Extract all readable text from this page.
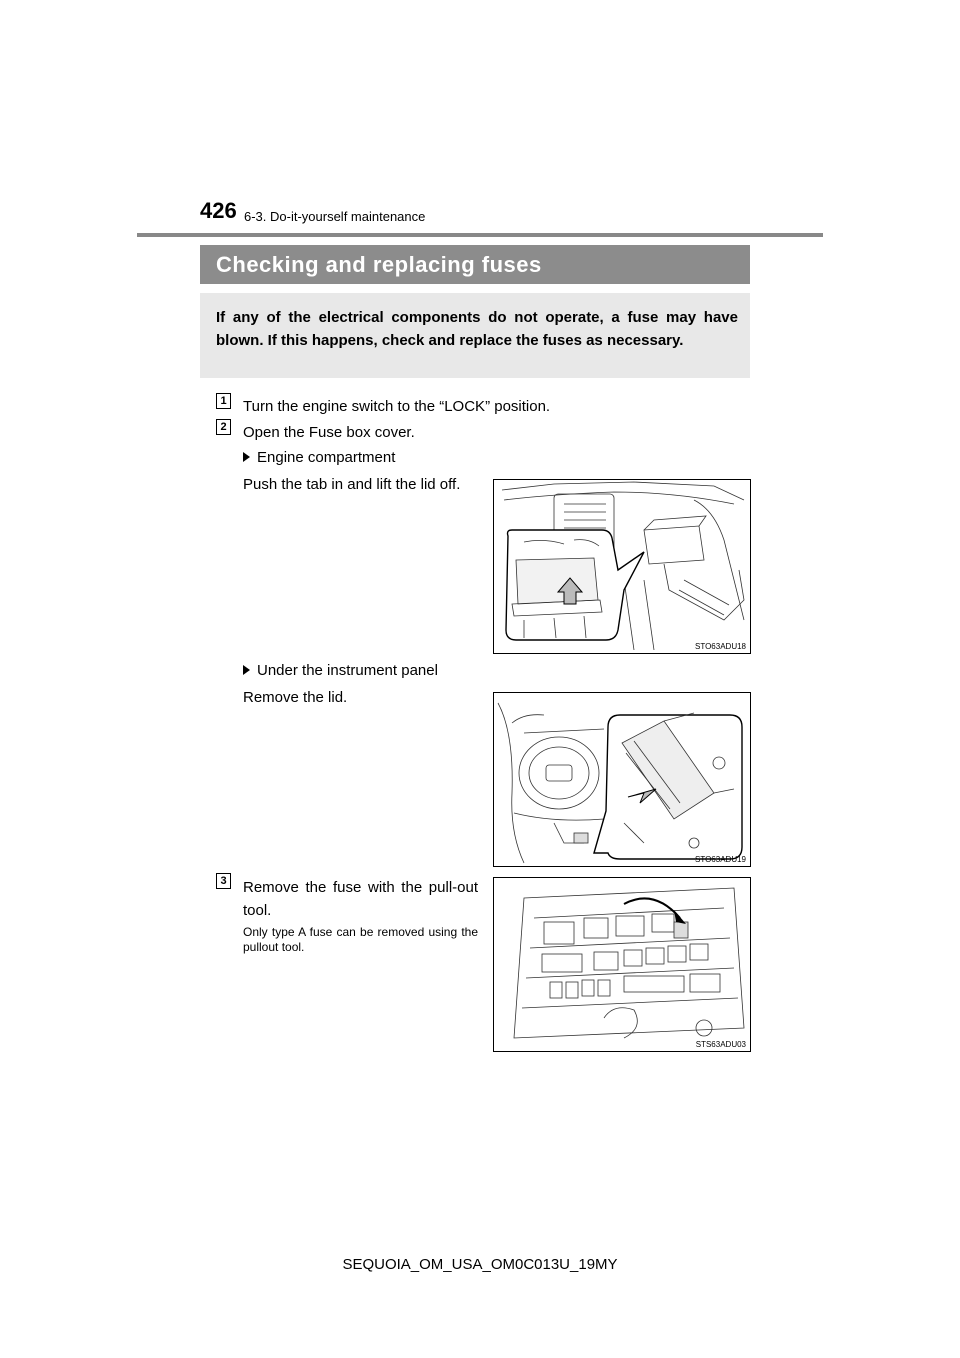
426 6-3. Do-it-yourself maintenance
Checking and replacing fuses
If any of the electrical components do not operate, a fuse may have blown. If this happens, check and replace the fuses as necessary.
1 Turn the engine switch to the “LOCK” position.
2 Open the Fuse box cover.
Engine compartment
Push the tab in and lift the lid off.
STO63ADU18
Under the instrument panel
Remove the lid.
STO63ADU19
3 Remove the fuse with the pull-out tool.
Only type A fuse can be removed using the pullout tool.
STS63ADU03
SEQUOIA_OM_USA_OM0C013U_19MY
